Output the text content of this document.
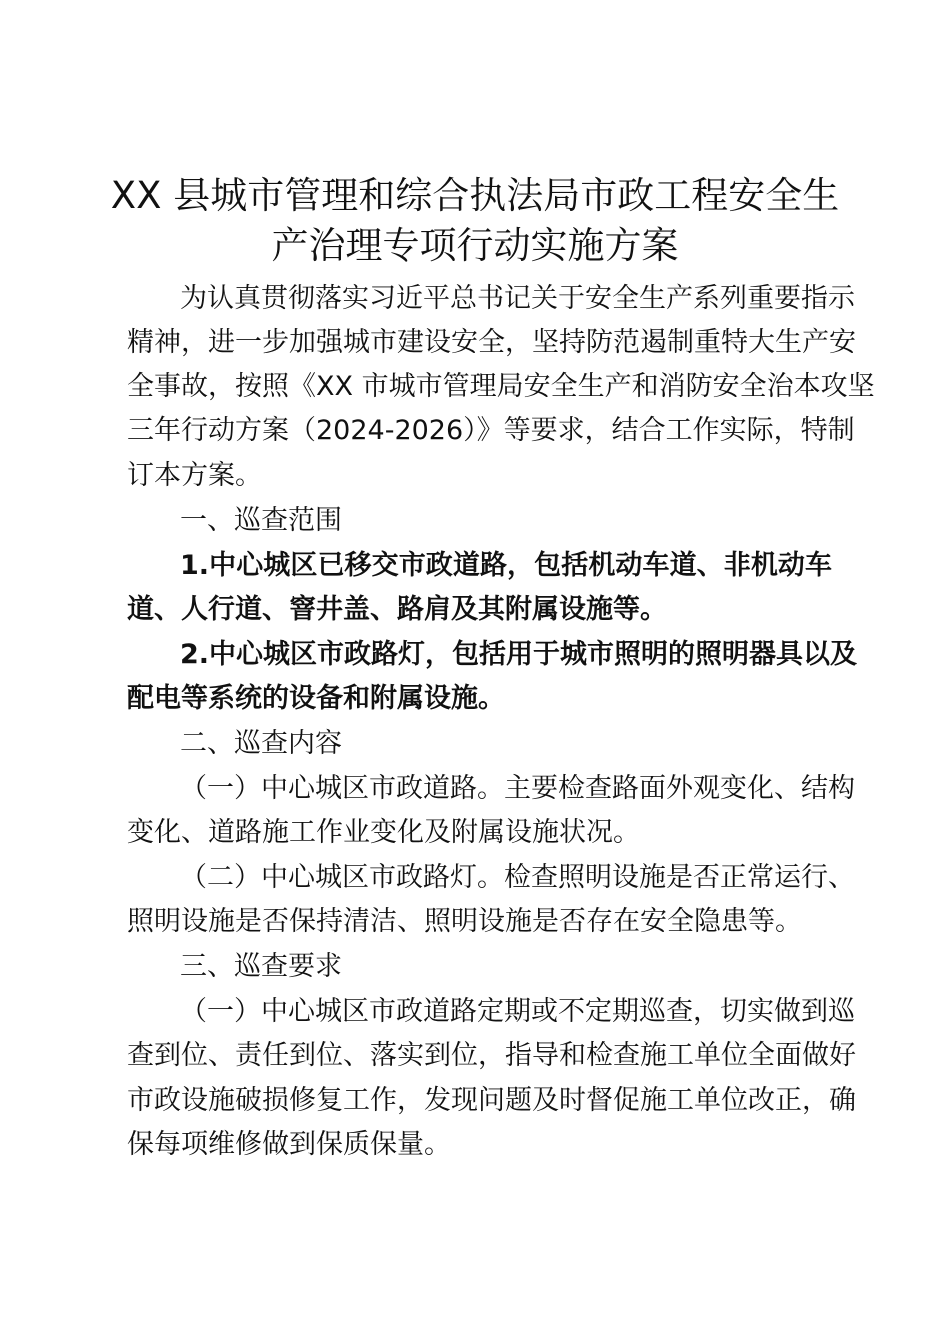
XX 县城市管理和综合执法局市政工程安全生
产治理专项行动实施方案
为认真贯彻落实习近平总书记关于安全生产系列重要指示
精神，进一步加强城市建设安全，坚持防范遏制重特大生产安
全事故，按照《XX 市城市管理局安全生产和消防安全治本攻坚
三年行动方案（2024-2026）》等要求，结合工作实际，特制
订本方案。
一、巡查范围
1.中心城区已移交市政道路，包括机动车道、非机动车
道、人行道、窨井盖、路肩及其附属设施等。
2.中心城区市政路灯，包括用于城市照明的照明器具以及
配电等系统的设备和附属设施。
二、巡查内容
（一）中心城区市政道路。主要检查路面外观变化、结构
变化、道路施工作业变化及附属设施状况。
（二）中心城区市政路灯。检查照明设施是否正常运行、
照明设施是否保持清洁、照明设施是否存在安全隐患等。
三、巡查要求
（一）中心城区市政道路定期或不定期巡查，切实做到巡
查到位、责任到位、落实到位，指导和检查施工单位全面做好
市政设施破损修复工作，发现问题及时督促施工单位改正，确
保每项维修做到保质保量。
